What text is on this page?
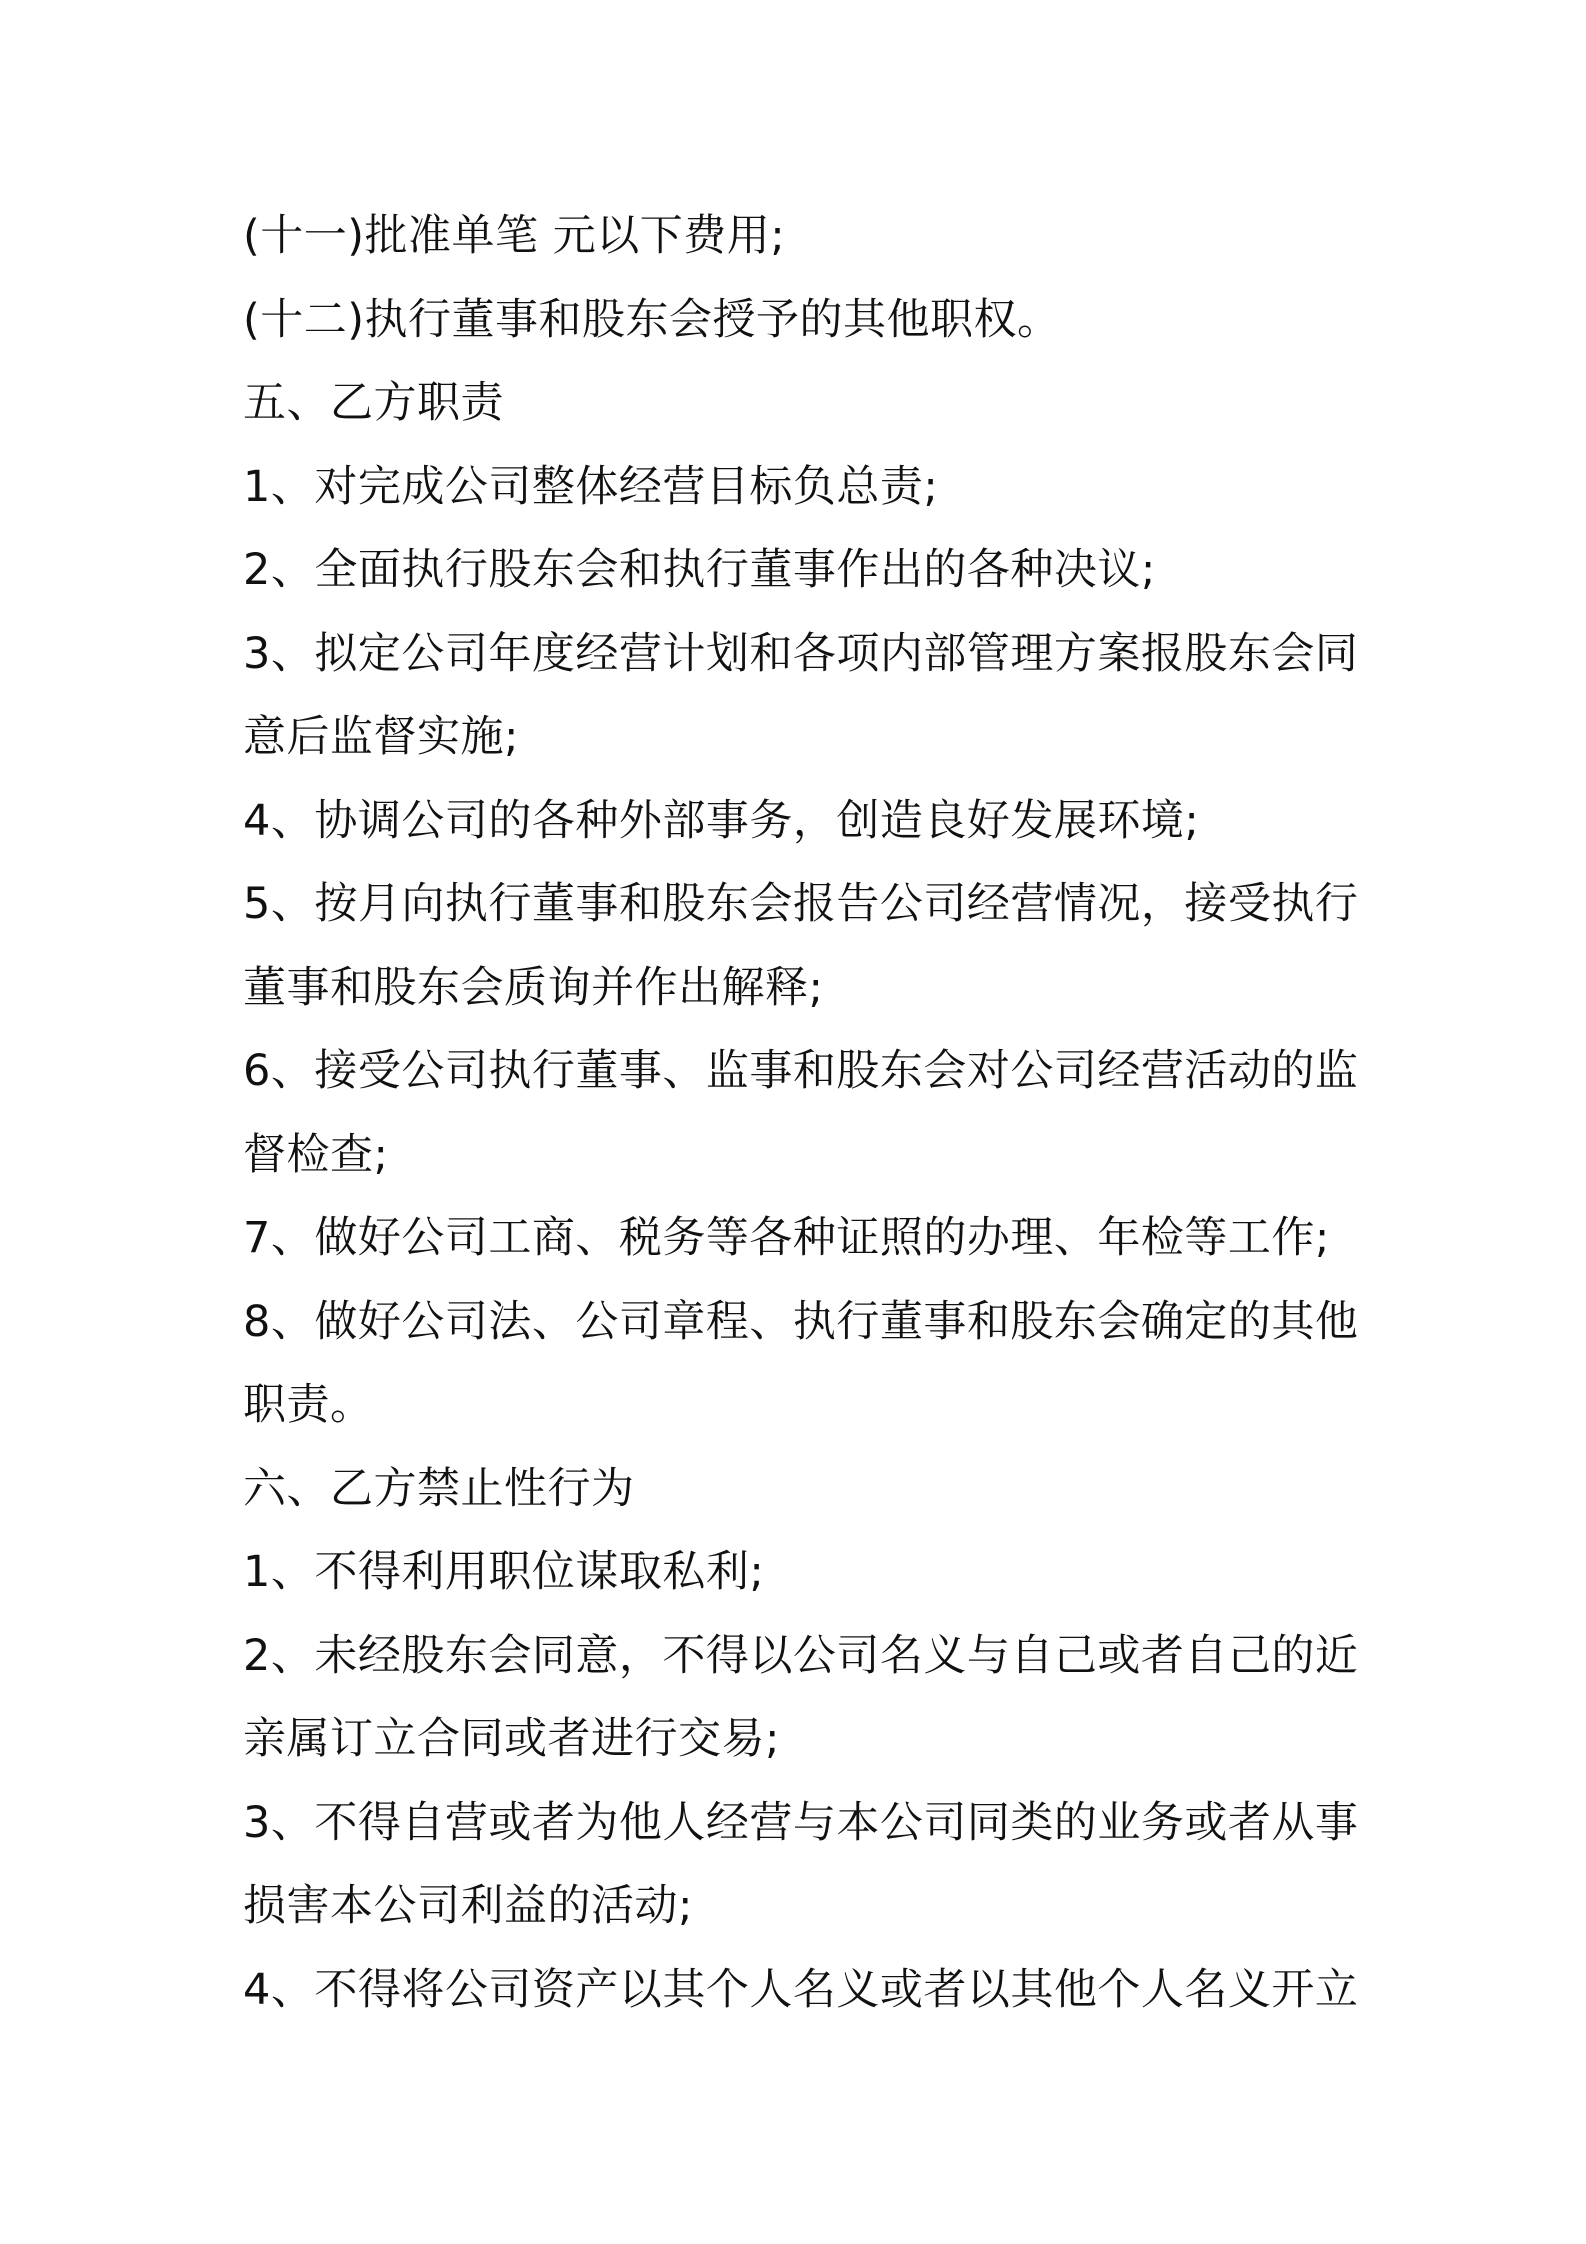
(十一)批准单笔 元以下费用;
(十二)执行董事和股东会授予的其他职权。
五、乙方职责
1、对完成公司整体经营目标负总责;
2、全面执行股东会和执行董事作出的各种决议;
3、拟定公司年度经营计划和各项内部管理方案报股东会同
意后监督实施;
4、协调公司的各种外部事务，创造良好发展环境;
5、按月向执行董事和股东会报告公司经营情况，接受执行
董事和股东会质询并作出解释;
6、接受公司执行董事、监事和股东会对公司经营活动的监
督检查;
7、做好公司工商、税务等各种证照的办理、年检等工作;
8、做好公司法、公司章程、执行董事和股东会确定的其他
职责。
六、乙方禁止性行为
1、不得利用职位谋取私利;
2、未经股东会同意，不得以公司名义与自己或者自己的近
亲属订立合同或者进行交易;
3、不得自营或者为他人经营与本公司同类的业务或者从事
损害本公司利益的活动;
4、不得将公司资产以其个人名义或者以其他个人名义开立
